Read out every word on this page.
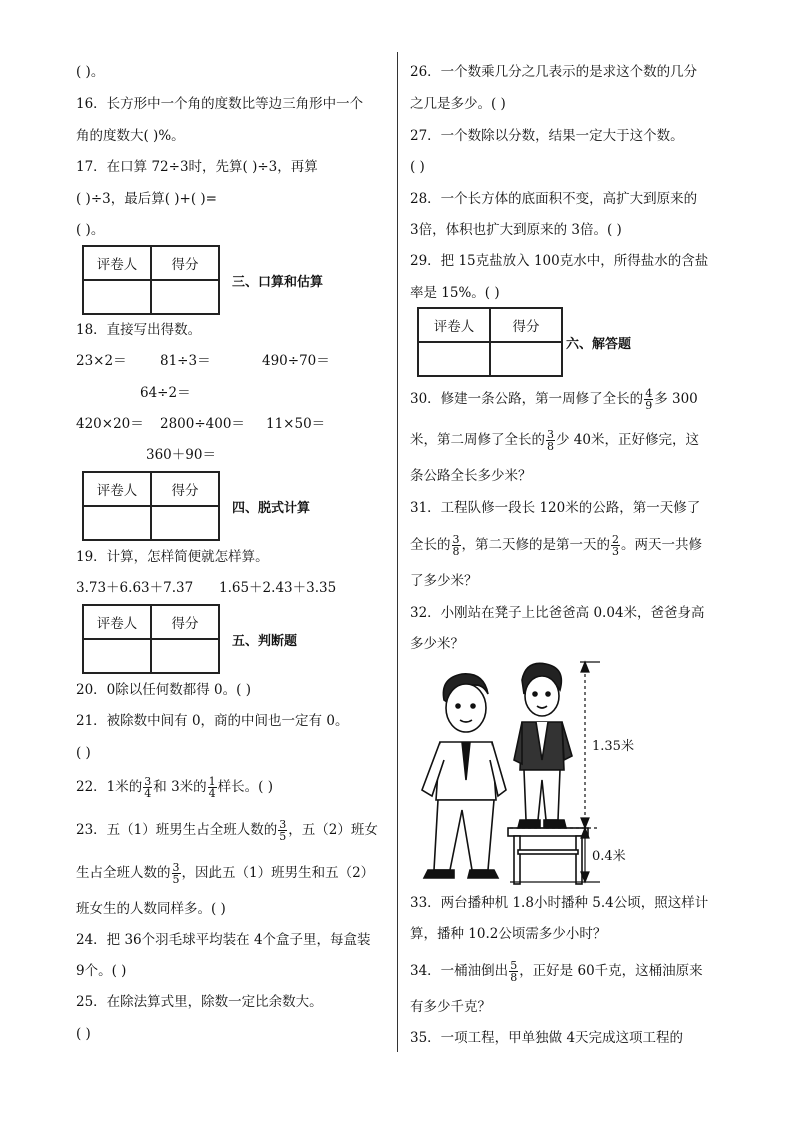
( )。
16．长方形中一个角的度数比等边三角形中一个
角的度数大( )%。
17．在口算 72÷3时，先算( )÷3，再算
( )÷3，最后算( )+( )=
( )。
评卷人	得分

三、口算和估算
18．直接写出得数。
23×2＝ 81÷3＝	490÷70＝
64÷2＝
420×20＝ 2800÷400＝ 11×50＝
360＋90＝
评卷人	得分

四、脱式计算
19．计算，怎样简便就怎样算。
3.73＋6.63＋7.37 1.65＋2.43＋3.35
评卷人	得分

五、判断题
20．0除以任何数都得 0。( )
21．被除数中间有 0，商的中间也一定有 0。
( )
22．1米的 $\frac{3}{4}$ 和 3米的 $\frac{1}{4}$ 样长。( )
23．五（1）班男生占全班人数的 $\frac{3}{5}$ ，五（2）班女
生占全班人数的 $\frac{3}{5}$ ，因此五（1）班男生和五（2）
班女生的人数同样多。( )
24．把 36个羽毛球平均装在 4个盒子里，每盒装
9个。( )
25．在除法算式里，除数一定比余数大。
( )
26．一个数乘几分之几表示的是求这个数的几分
之几是多少。( )
27．一个数除以分数，结果一定大于这个数。
( )
28．一个长方体的底面积不变，高扩大到原来的
3倍，体积也扩大到原来的 3倍。( )
29．把 15克盐放入 100克水中，所得盐水的含盐
率是 15%。( )
评卷人	得分

六、解答题
30．修建一条公路，第一周修了全长的 $\frac{4}{9}$ 多 300
米，第二周修了全长的 $\frac{3}{8}$ 少 40米，正好修完，这
条公路全长多少米？
31．工程队修一段长 120米的公路，第一天修了
全长的 $\frac{3}{8}$ ，第二天修的是第一天的 $\frac{2}{3}$ 。两天一共修
了多少米？
32．小刚站在凳子上比爸爸高 0.04米，爸爸身高
多少米？
1.35米
0.4米
33．两台播种机 1.8小时播种 5.4公顷，照这样计
算，播种 10.2公顷需多少小时？
34．一桶油倒出 $\frac{5}{8}$ ，正好是 60千克，这桶油原来
有多少千克？
35．一项工程，甲单独做 4天完成这项工程的
